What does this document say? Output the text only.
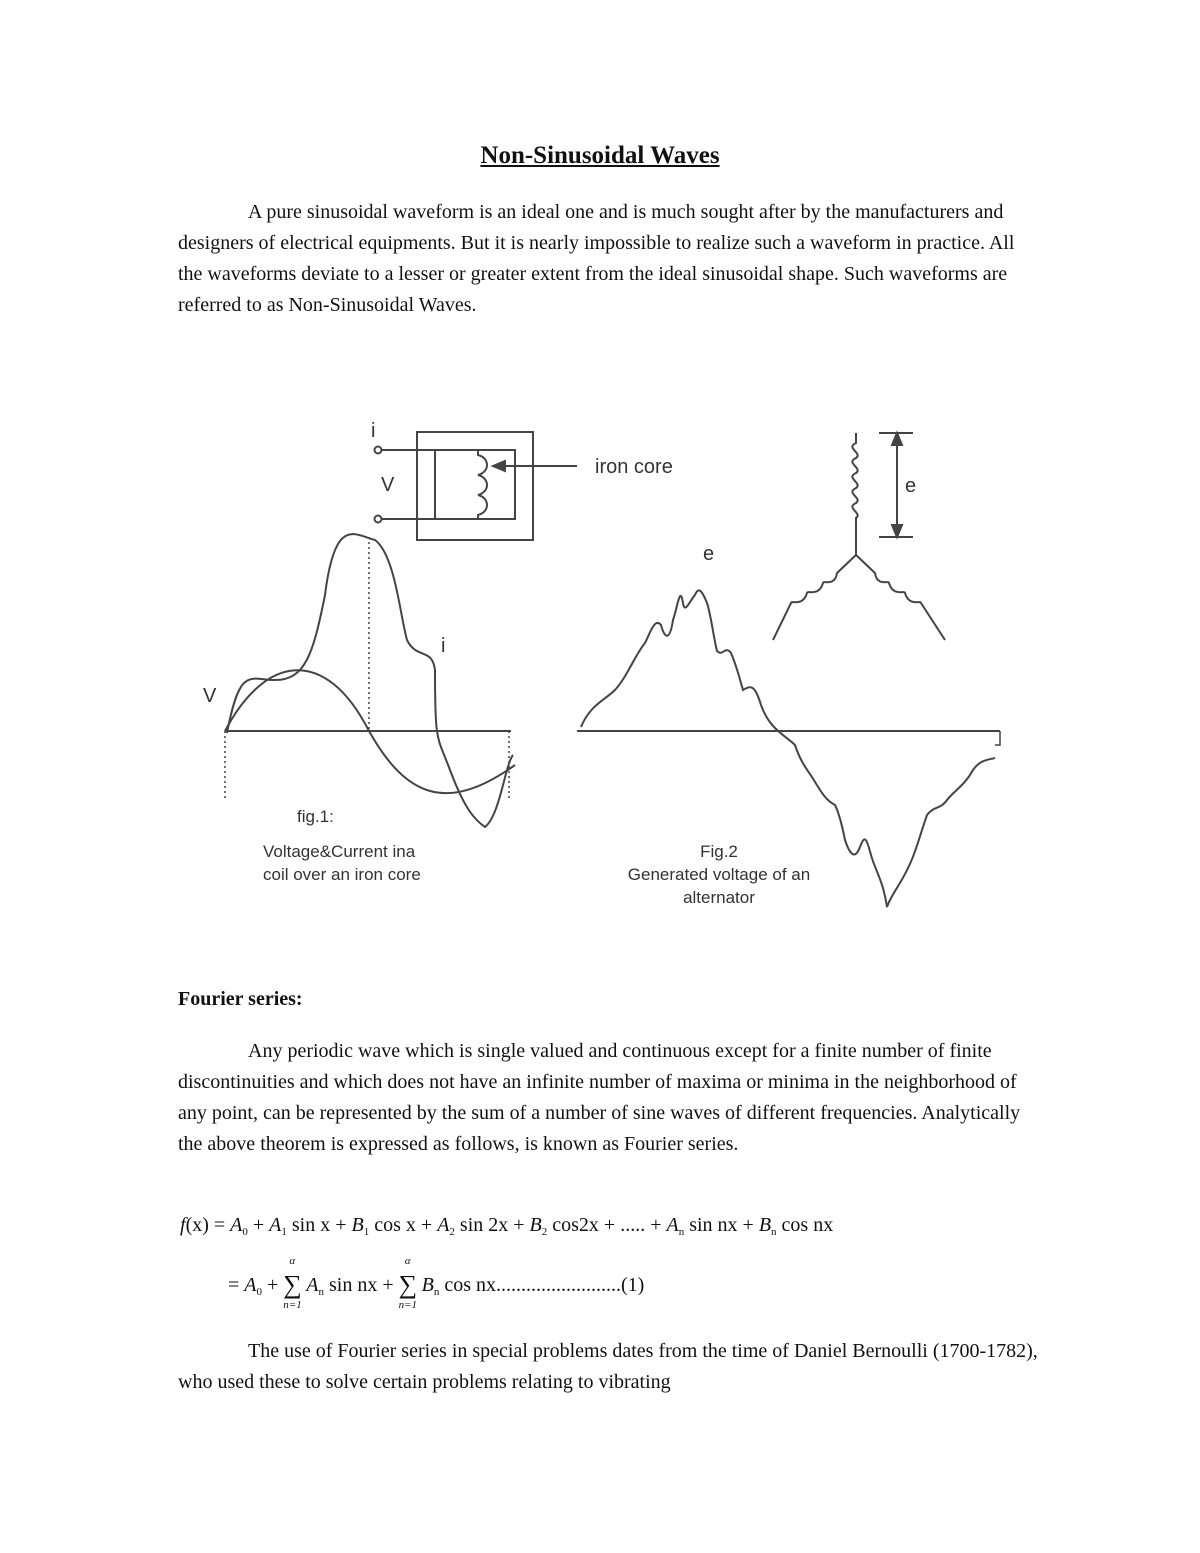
Non-Sinusoidal Waves

A pure sinusoidal waveform is an ideal one and is much sought after by the manufacturers and designers of electrical equipments. But it is nearly impossible to realize such a waveform in practice. All the waveforms deviate to a lesser or greater extent from the ideal sinusoidal shape. Such waveforms are referred to as Non-Sinusoidal Waves.

i
V
iron core
i
V
e
e
fig.1:
Voltage&Current ina
coil over an iron core
Fig.2
Generated voltage of an
alternator
Fourier series:

Any periodic wave which is single valued and continuous except for a finite number of finite discontinuities and which does not have an infinite number of maxima or minima in the neighborhood of any point, can be represented by the sum of a number of sine waves of different frequencies. Analytically the above theorem is expressed as follows, is known as Fourier series.

$f(x) = A_0 + A_1$ $\sin x + B_1$ $\cos x + A_2$ $\sin 2x + B_2$ cos2x + ..... + $A_n$ sin nx + $B_n$ cos nx
= $A_0$ +
α
∑
n=1
$A_n$ sin nx +
α
∑
n=1
$B_n$ cos nx.........................(1)

The use of Fourier series in special problems dates from the time of Daniel Bernoulli (1700-1782), who used these to solve certain problems relating to vibrating
